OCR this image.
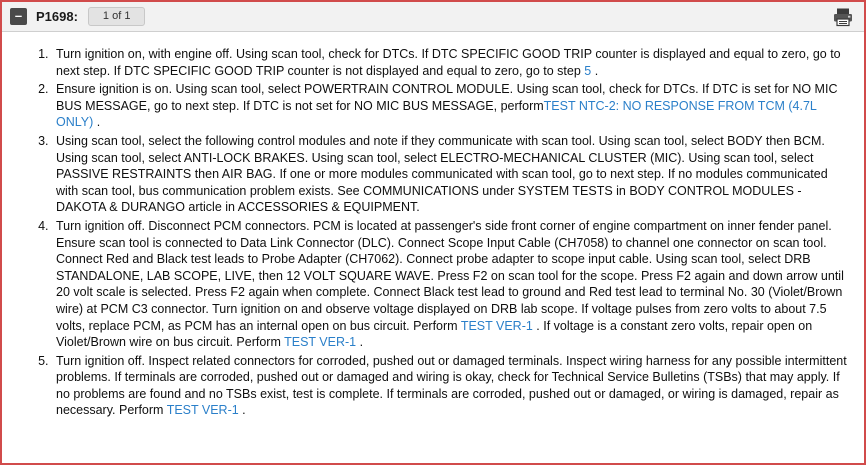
– P1698:	1 of 1
1. Turn ignition on, with engine off. Using scan tool, check for DTCs. If DTC SPECIFIC GOOD TRIP counter is displayed and equal to zero, go to next step. If DTC SPECIFIC GOOD TRIP counter is not displayed and equal to zero, go to step 5 .
2. Ensure ignition is on. Using scan tool, select POWERTRAIN CONTROL MODULE. Using scan tool, check for DTCs. If DTC is set for NO MIC BUS MESSAGE, go to next step. If DTC is not set for NO MIC BUS MESSAGE, performTEST NTC-2: NO RESPONSE FROM TCM (4.7L ONLY) .
3. Using scan tool, select the following control modules and note if they communicate with scan tool. Using scan tool, select BODY then BCM. Using scan tool, select ANTI-LOCK BRAKES. Using scan tool, select ELECTRO-MECHANICAL CLUSTER (MIC). Using scan tool, select PASSIVE RESTRAINTS then AIR BAG. If one or more modules communicated with scan tool, go to next step. If no modules communicated with scan tool, bus communication problem exists. See COMMUNICATIONS under SYSTEM TESTS in BODY CONTROL MODULES - DAKOTA & DURANGO article in ACCESSORIES & EQUIPMENT.
4. Turn ignition off. Disconnect PCM connectors. PCM is located at passenger's side front corner of engine compartment on inner fender panel. Ensure scan tool is connected to Data Link Connector (DLC). Connect Scope Input Cable (CH7058) to channel one connector on scan tool. Connect Red and Black test leads to Probe Adapter (CH7062). Connect probe adapter to scope input cable. Using scan tool, select DRB STANDALONE, LAB SCOPE, LIVE, then 12 VOLT SQUARE WAVE. Press F2 on scan tool for the scope. Press F2 again and down arrow until 20 volt scale is selected. Press F2 again when complete. Connect Black test lead to ground and Red test lead to terminal No. 30 (Violet/Brown wire) at PCM C3 connector. Turn ignition on and observe voltage displayed on DRB lab scope. If voltage pulses from zero volts to about 7.5 volts, replace PCM, as PCM has an internal open on bus circuit. Perform TEST VER-1 . If voltage is a constant zero volts, repair open on Violet/Brown wire on bus circuit. Perform TEST VER-1 .
5. Turn ignition off. Inspect related connectors for corroded, pushed out or damaged terminals. Inspect wiring harness for any possible intermittent problems. If terminals are corroded, pushed out or damaged and wiring is okay, check for Technical Service Bulletins (TSBs) that may apply. If no problems are found and no TSBs exist, test is complete. If terminals are corroded, pushed out or damaged, or wiring is damaged, repair as necessary. Perform TEST VER-1 .
